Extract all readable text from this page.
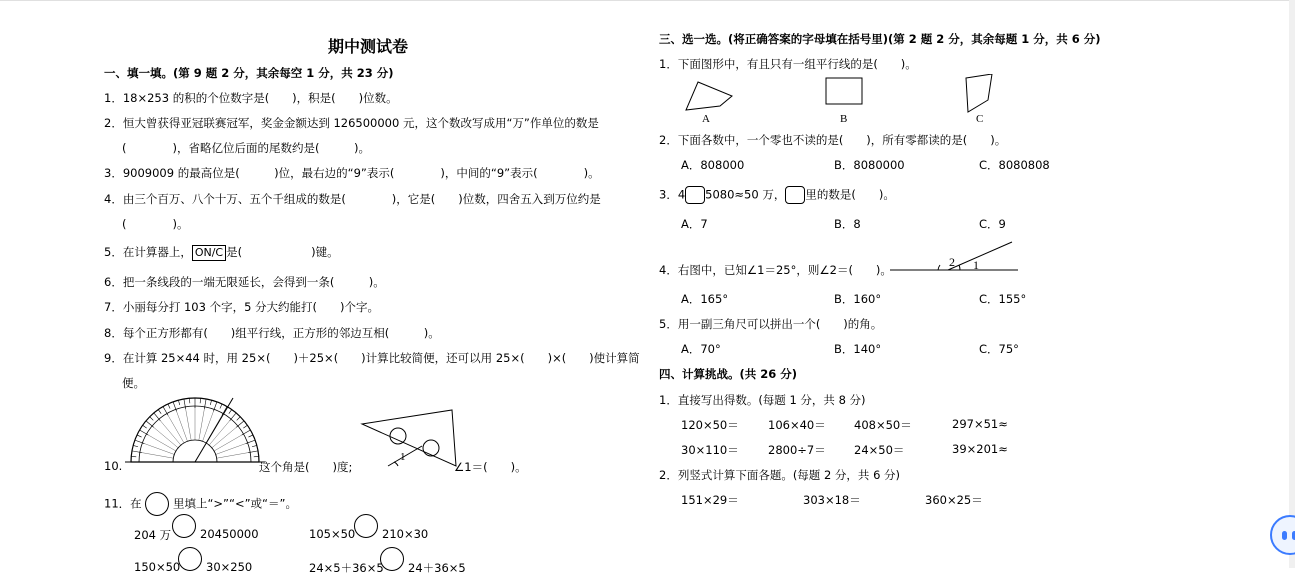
期中测试卷
一、填一填。(第 9 题 2 分，其余每空 1 分，共 23 分)
1．18×253 的积的个位数字是(　　)，积是(　　)位数。
2．恒大曾获得亚冠联赛冠军，奖金金额达到 126500000 元，这个数改写成用“万”作单位的数是
(　　　　)，省略亿位后面的尾数约是(　　　)。
3．9009009 的最高位是(　　　)位，最右边的“9”表示(　　　　)，中间的“9”表示(　　　　)。
4．由三个百万、八个十万、五个千组成的数是(　　　　)，它是(　　)位数，四舍五入到万位约是
(　　　　)。
5．在计算器上， ON/C 是(　　　　　　)键。
6．把一条线段的一端无限延长，会得到一条(　　　)。
7．小丽每分打 103 个字，5 分大约能打(　　)个字。
8．每个正方形都有(　　)组平行线，正方形的邻边互相(　　　)。
9．在计算 25×44 时，用 25×(　　)＋25×(　　)计算比较简便，还可以用 25×(　　)×(　　)使计算简
便。
10.	这个角是(　　)度;
1
∠1＝(　　)。
11．在	里填上“>”“<”或“＝”。
204 万	20450000	105×50 210×30
150×50 30×250	24×5＋36×5 24＋36×5
三、选一选。(将正确答案的字母填在括号里)(第 2 题 2 分，其余每题 1 分，共 6 分)
1．下面图形中，有且只有一组平行线的是(　　)。
A	B	C
2．下面各数中，一个零也不读的是(　　)，所有零都读的是(　　)。
A．808000	B．8080000	C．8080808
3．4 5080≈50 万， 里的数是(　　)。
A．7	B．8	C．9
4．右图中，已知∠1＝25°，则∠2＝(　　)。
2 1
A．165°	B．160°	C．155°
5．用一副三角尺可以拼出一个(　　)的角。
A．70°	B．140°	C．75°
四、计算挑战。(共 26 分)
1．直接写出得数。(每题 1 分，共 8 分)
120×50＝	106×40＝ 408×50＝	297×51≈
30×110＝	2800÷7＝ 24×50＝	39×201≈
2．列竖式计算下面各题。(每题 2 分，共 6 分)
151×29＝	303×18＝	360×25＝
